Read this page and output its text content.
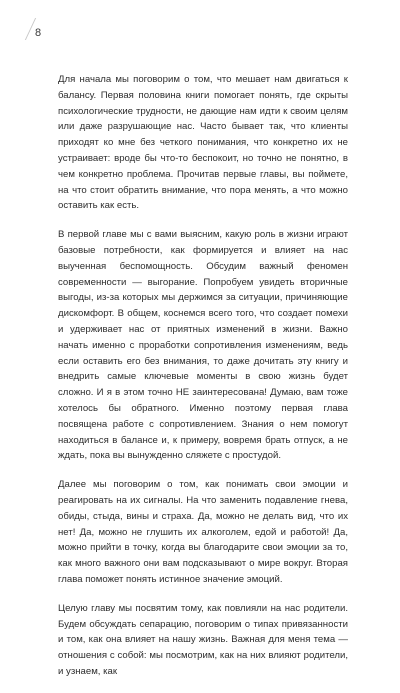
8

Для начала мы поговорим о том, что мешает нам двигаться к балансу. Первая половина книги помогает понять, где скрыты психологические трудности, не дающие нам идти к своим целям или даже разрушающие нас. Часто бывает так, что клиенты приходят ко мне без четкого понимания, что конкретно их не устраивает: вроде бы что-то беспокоит, но точно не понятно, в чем конкретно проблема. Прочитав первые главы, вы поймете, на что стоит обратить внимание, что пора менять, а что можно оставить как есть.

В первой главе мы с вами выясним, какую роль в жизни играют базовые потребности, как формируется и влияет на нас выученная беспомощность. Обсудим важный феномен современности — выгорание. Попробуем увидеть вторичные выгоды, из-за которых мы держимся за ситуации, причиняющие дискомфорт. В общем, коснемся всего того, что создает помехи и удерживает нас от приятных изменений в жизни. Важно начать именно с проработки сопротивления изменениям, ведь если оставить его без внимания, то даже дочитать эту книгу и внедрить самые ключевые моменты в свою жизнь будет сложно. И я в этом точно НЕ заинтересована! Думаю, вам тоже хотелось бы обратного. Именно поэтому первая глава посвящена работе с сопротивлением. Знания о нем помогут находиться в балансе и, к примеру, вовремя брать отпуск, а не ждать, пока вы вынужденно сляжете с простудой.

Далее мы поговорим о том, как понимать свои эмоции и реагировать на их сигналы. На что заменить подавление гнева, обиды, стыда, вины и страха. Да, можно не делать вид, что их нет! Да, можно не глушить их алкоголем, едой и работой! Да, можно прийти в точку, когда вы благодарите свои эмоции за то, как много важного они вам подсказывают о мире вокруг. Вторая глава поможет понять истинное значение эмоций.

Целую главу мы посвятим тому, как повлияли на нас родители. Будем обсуждать сепарацию, поговорим о типах привязанности и том, как она влияет на нашу жизнь. Важная для меня тема — отношения с собой: мы посмотрим, как на них влияют родители, и узнаем, как
